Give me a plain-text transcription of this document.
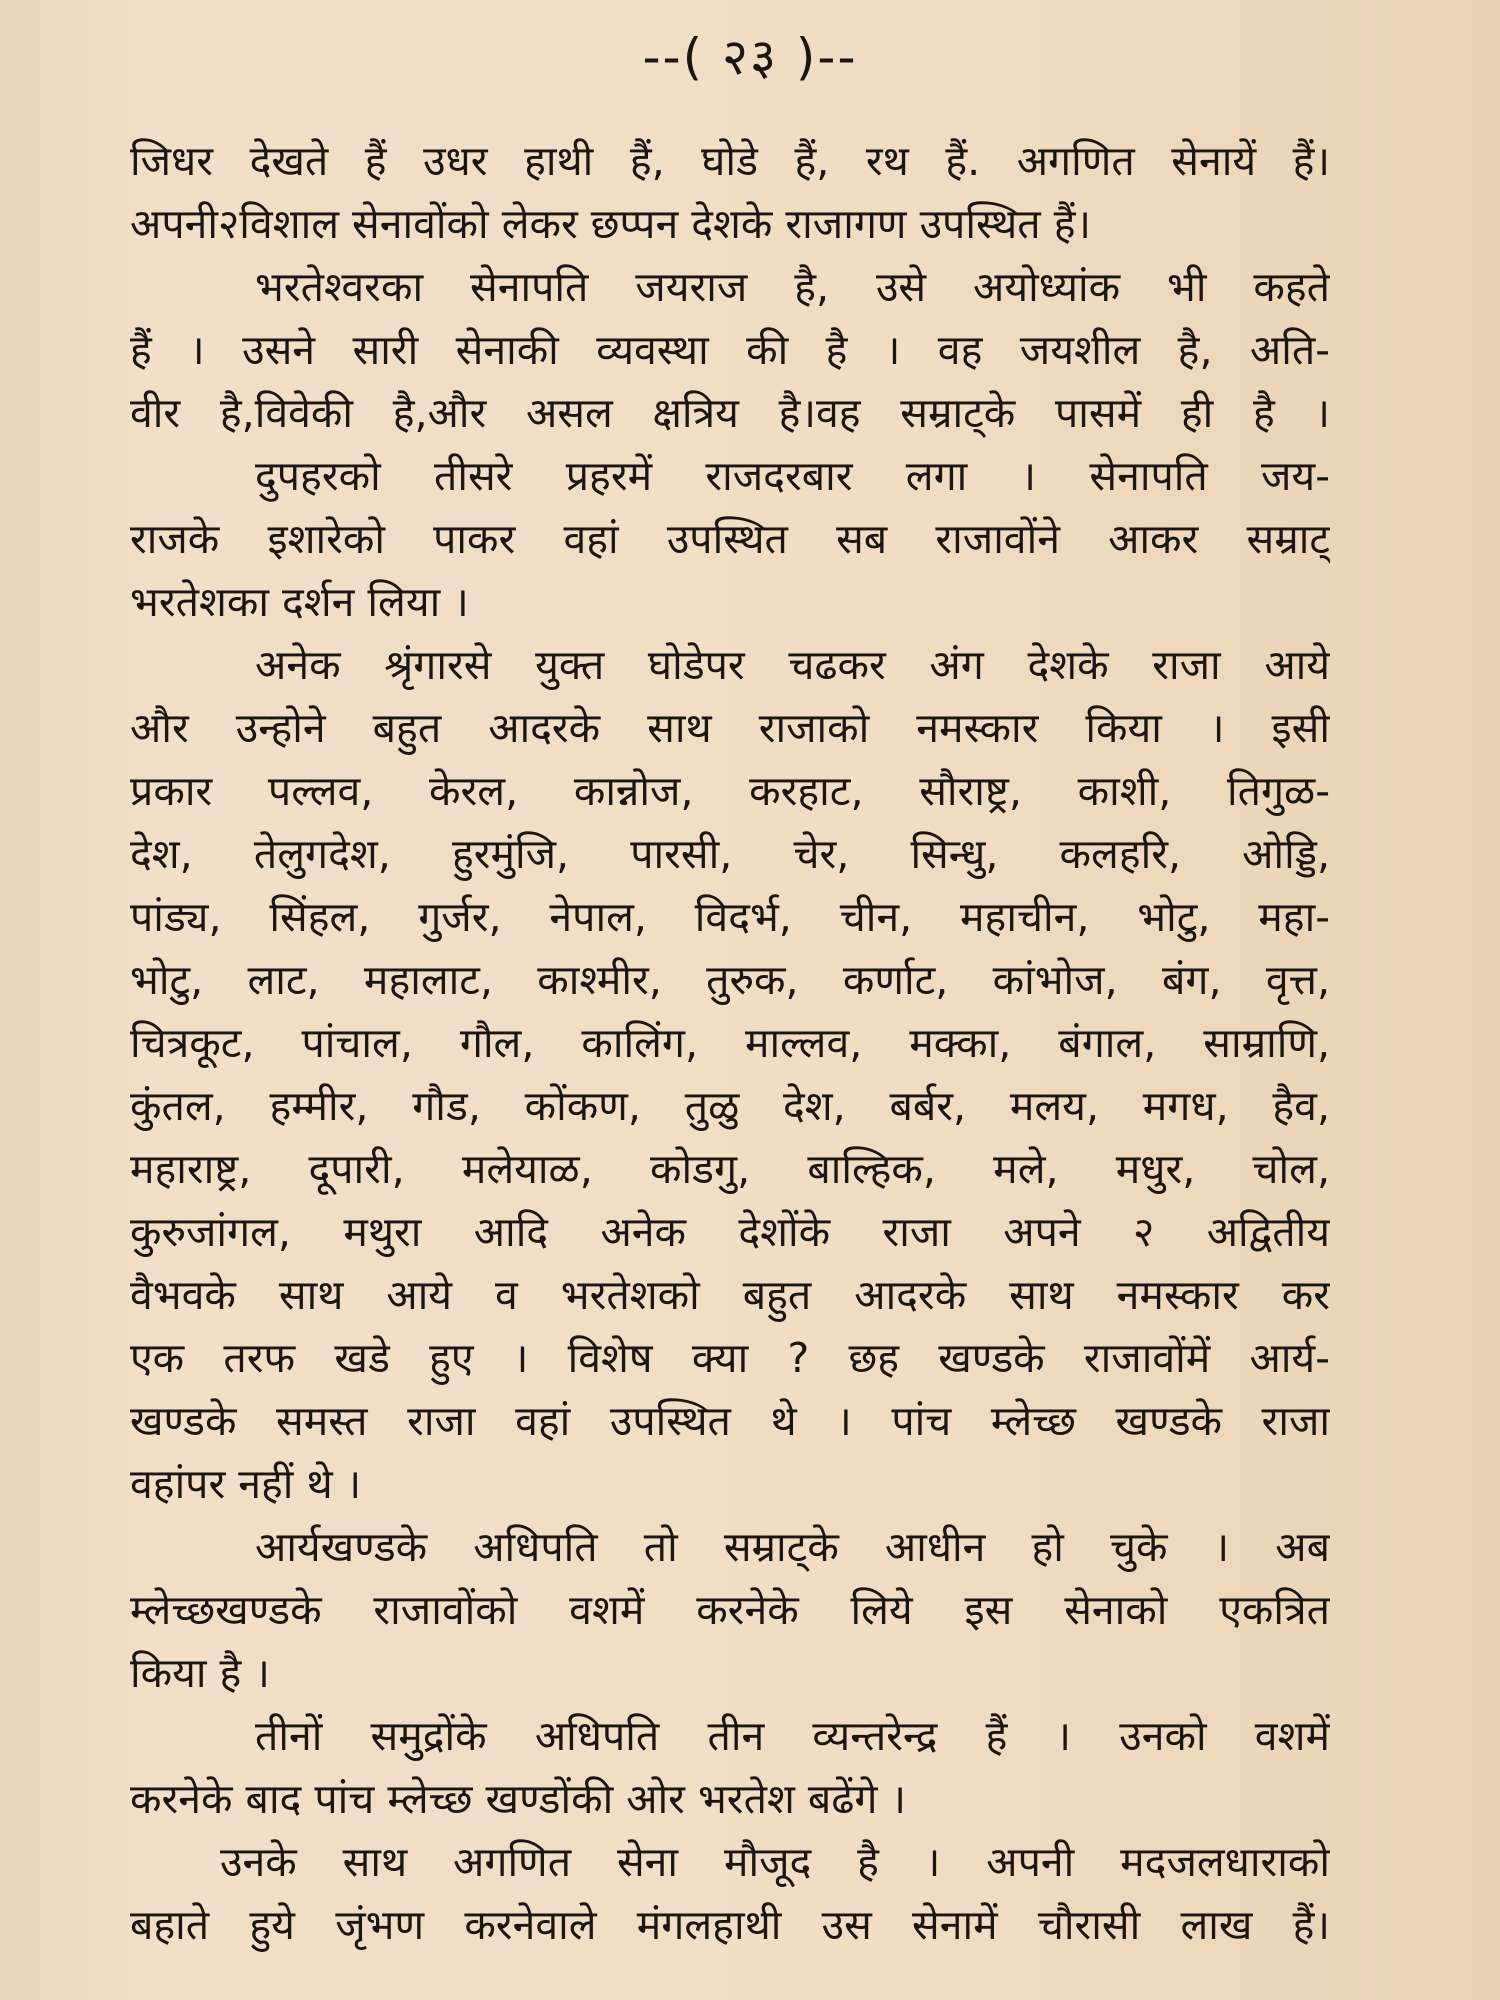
--( २३ )--
जिधर देखते हैं उधर हाथी हैं, घोडे हैं, रथ हैं. अगणित सेनायें हैं।
अपनी२विशाल सेनावोंको लेकर छप्पन देशके राजागण उपस्थित हैं।
भरतेश्वरका सेनापति जयराज है, उसे अयोध्यांक भी कहते
हैं । उसने सारी सेनाकी व्यवस्था की है । वह जयशील है, अति-
वीर है,विवेकी है,और असल क्षत्रिय है।वह सम्राट्के पासमें ही है ।
दुपहरको तीसरे प्रहरमें राजदरबार लगा । सेनापति जय-
राजके इशारेको पाकर वहां उपस्थित सब राजावोंने आकर सम्राट्
भरतेशका दर्शन लिया ।
अनेक श्रृंगारसे युक्त घोडेपर चढकर अंग देशके राजा आये
और उन्होने बहुत आदरके साथ राजाको नमस्कार किया । इसी
प्रकार पल्लव, केरल, कान्नोज, करहाट, सौराष्ट्र, काशी, तिगुळ-
देश, तेलुगदेश, हुरमुंजि, पारसी, चेर, सिन्धु, कलहरि, ओड्डि,
पांड्य, सिंहल, गुर्जर, नेपाल, विदर्भ, चीन, महाचीन, भोटु, महा-
भोटु, लाट, महालाट, काश्मीर, तुरुक, कर्णाट, कांभोज, बंग, वृत्त,
चित्रकूट, पांचाल, गौल, कालिंग, माल्लव, मक्का, बंगाल, साम्राणि,
कुंतल, हम्मीर, गौड, कोंकण, तुळु देश, बर्बर, मलय, मगध, हैव,
महाराष्ट्र, दूपारी, मलेयाळ, कोडगु, बाल्हिक, मले, मधुर, चोल,
कुरुजांगल, मथुरा आदि अनेक देशोंके राजा अपने २ अद्वितीय
वैभवके साथ आये व भरतेशको बहुत आदरके साथ नमस्कार कर
एक तरफ खडे हुए । विशेष क्या ? छह खण्डके राजावोंमें आर्य-
खण्डके समस्त राजा वहां उपस्थित थे । पांच म्लेच्छ खण्डके राजा
वहांपर नहीं थे ।
आर्यखण्डके अधिपति तो सम्राट्के आधीन हो चुके । अब
म्लेच्छखण्डके राजावोंको वशमें करनेके लिये इस सेनाको एकत्रित
किया है ।
तीनों समुद्रोंके अधिपति तीन व्यन्तरेन्द्र हैं । उनको वशमें
करनेके बाद पांच म्लेच्छ खण्डोंकी ओर भरतेश बढेंगे ।
उनके साथ अगणित सेना मौजूद है । अपनी मदजलधाराको
बहाते हुये जृंभण करनेवाले मंगलहाथी उस सेनामें चौरासी लाख हैं।
